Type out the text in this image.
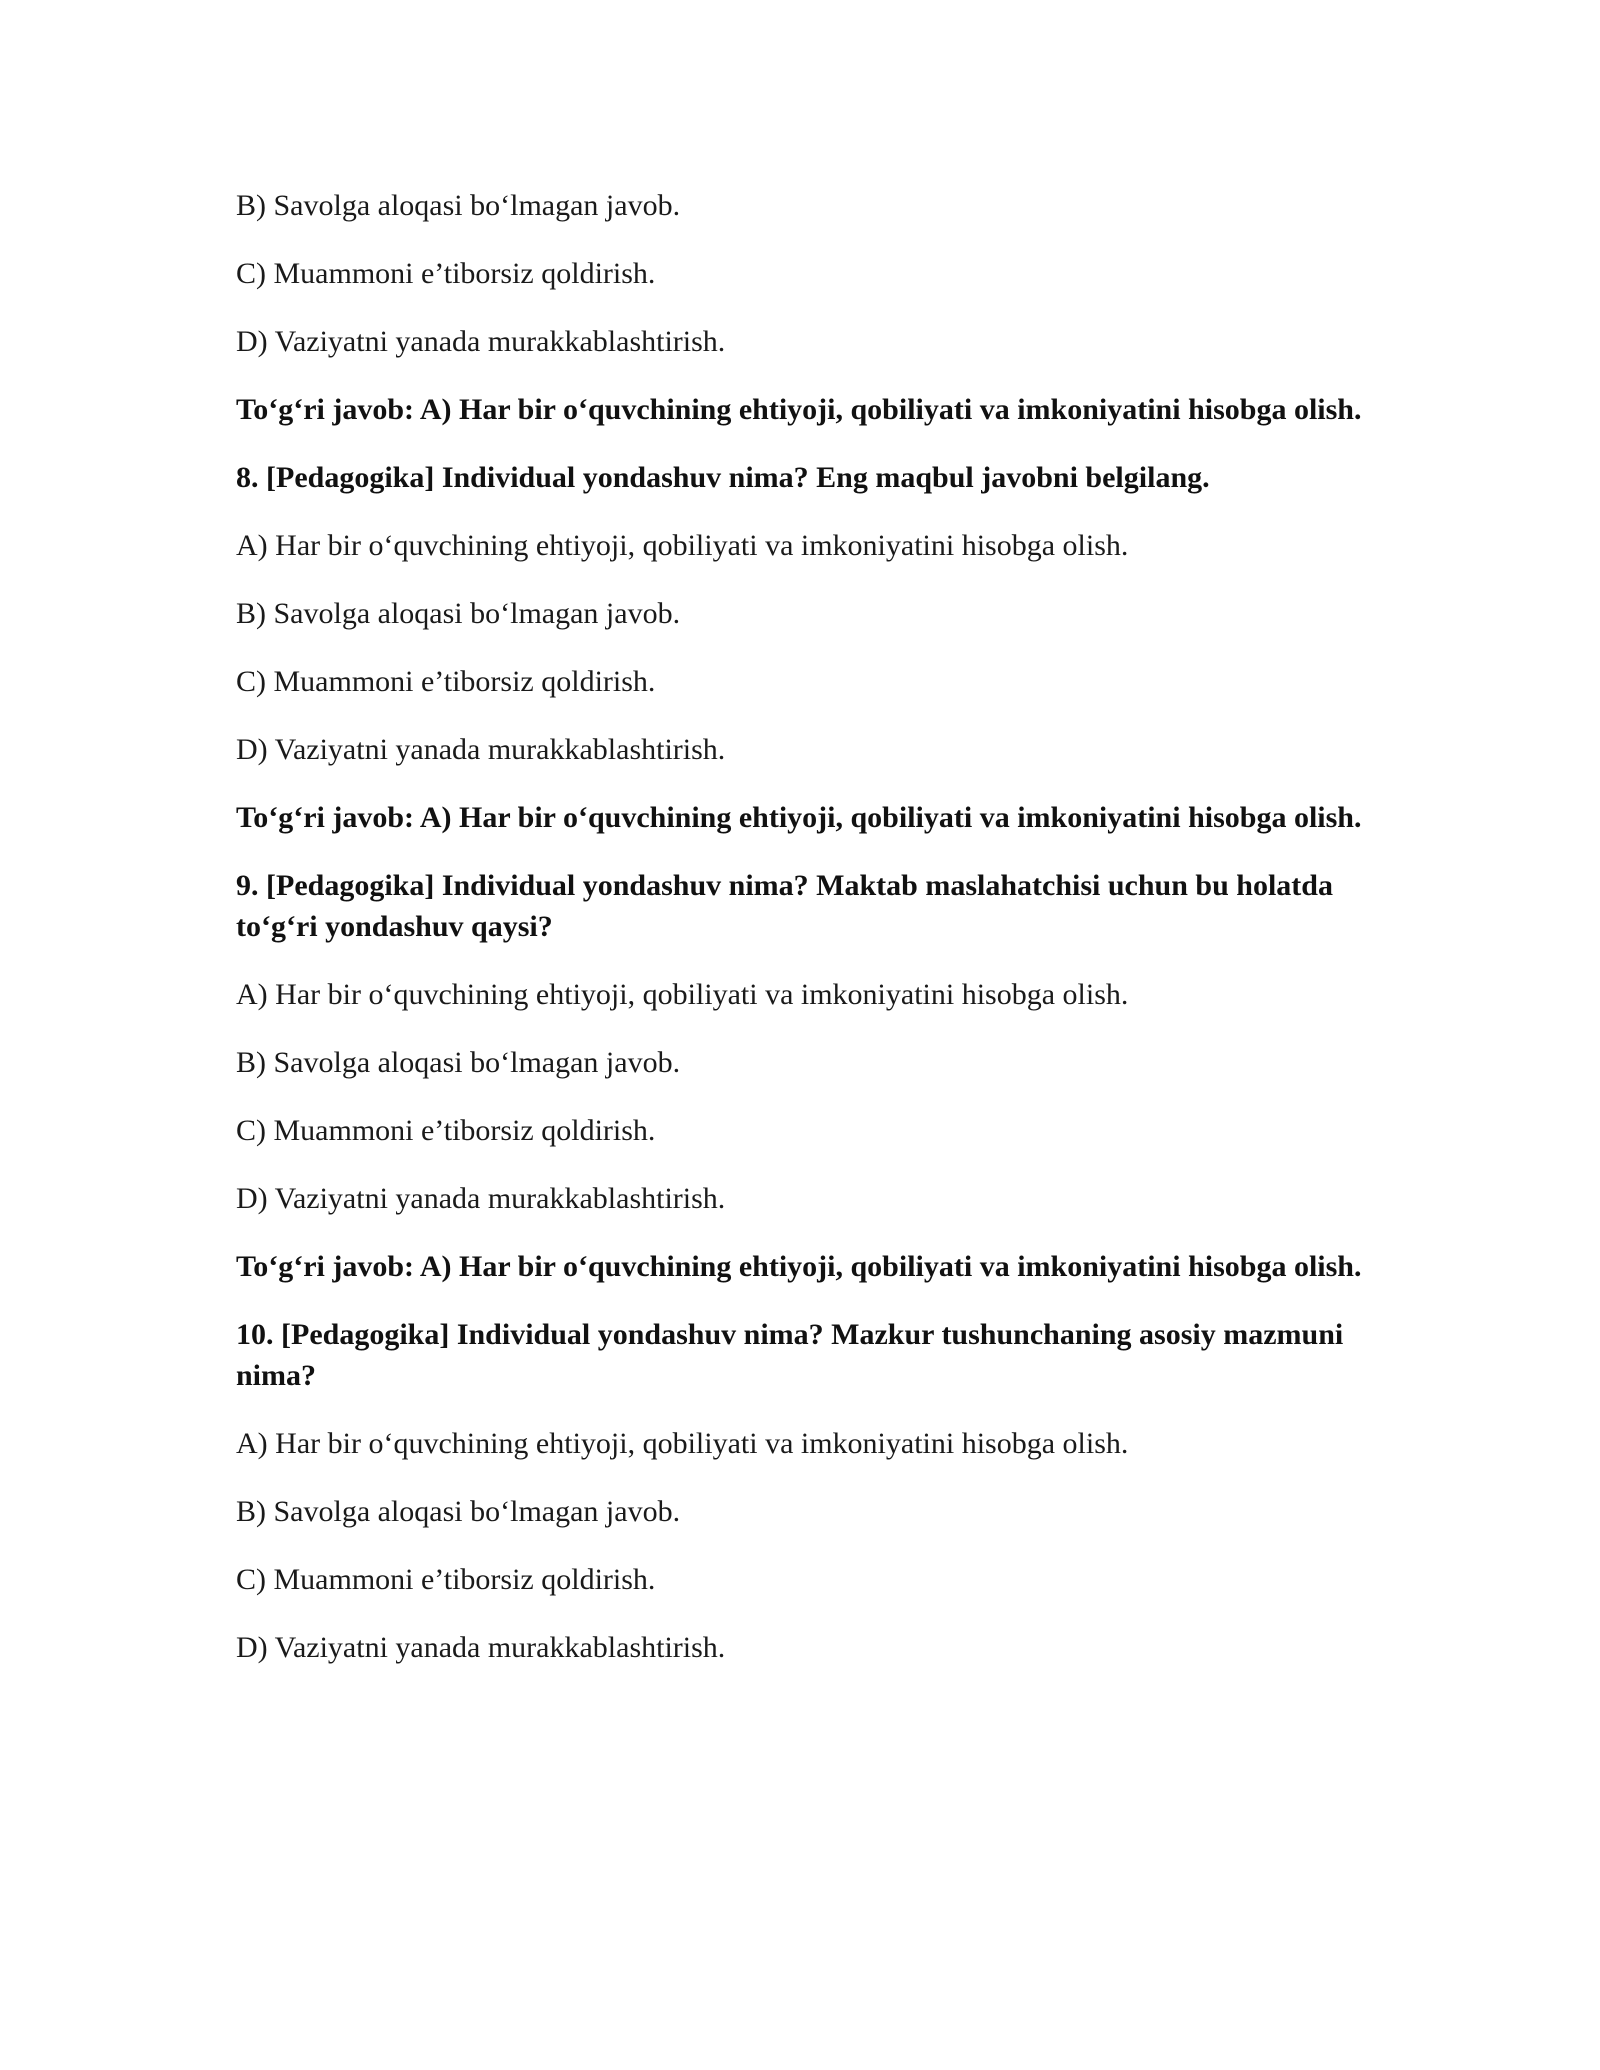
B) Savolga aloqasi bo‘lmagan javob.

C) Muammoni e’tiborsiz qoldirish.

D) Vaziyatni yanada murakkablashtirish.

To‘g‘ri javob: A) Har bir o‘quvchining ehtiyoji, qobiliyati va imkoniyatini hisobga olish.

8. [Pedagogika] Individual yondashuv nima? Eng maqbul javobni belgilang.

A) Har bir o‘quvchining ehtiyoji, qobiliyati va imkoniyatini hisobga olish.

B) Savolga aloqasi bo‘lmagan javob.

C) Muammoni e’tiborsiz qoldirish.

D) Vaziyatni yanada murakkablashtirish.

To‘g‘ri javob: A) Har bir o‘quvchining ehtiyoji, qobiliyati va imkoniyatini hisobga olish.

9. [Pedagogika] Individual yondashuv nima? Maktab maslahatchisi uchun bu holatda to‘g‘ri yondashuv qaysi?

A) Har bir o‘quvchining ehtiyoji, qobiliyati va imkoniyatini hisobga olish.

B) Savolga aloqasi bo‘lmagan javob.

C) Muammoni e’tiborsiz qoldirish.

D) Vaziyatni yanada murakkablashtirish.

To‘g‘ri javob: A) Har bir o‘quvchining ehtiyoji, qobiliyati va imkoniyatini hisobga olish.

10. [Pedagogika] Individual yondashuv nima? Mazkur tushunchaning asosiy mazmuni nima?

A) Har bir o‘quvchining ehtiyoji, qobiliyati va imkoniyatini hisobga olish.

B) Savolga aloqasi bo‘lmagan javob.

C) Muammoni e’tiborsiz qoldirish.

D) Vaziyatni yanada murakkablashtirish.
